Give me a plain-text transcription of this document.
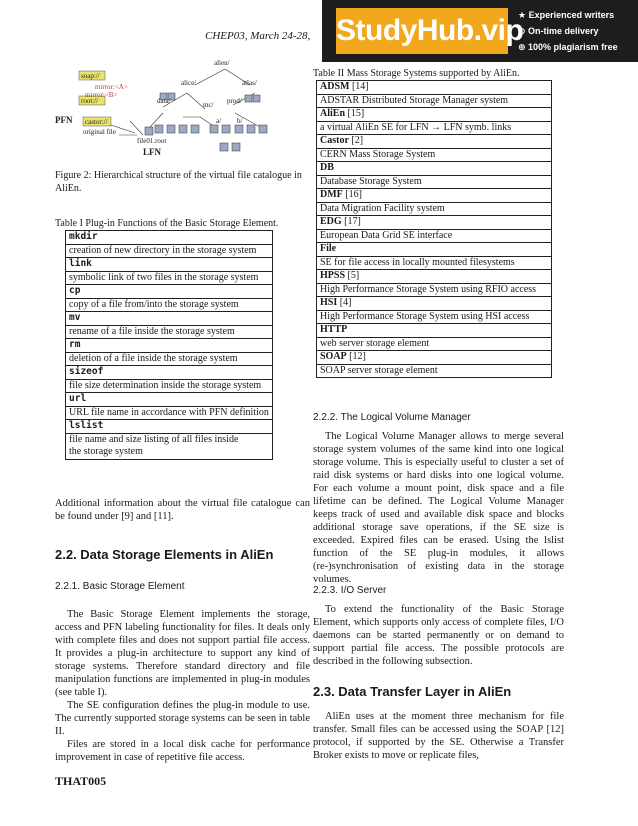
CHEP03, March 24-28, StudyHub.vip
★ Experienced writers
⊙ On-time delivery
⊕ 100% plagiarism free
alien/
alice/	atlas/
data/	mc/ prod/
a/ b/
soap://
root://
castor://
original file
file01.root
mirror:<A>
mirror:<B>
PFN
LFN
Figure 2: Hierarchical structure of the virtual file catalogue in AliEn.
Table I Plug-in Functions of the Basic Storage Element.
mkdir
creation of new directory in the storage system
link
symbolic link of two files in the storage system
cp
copy of a file from/into the storage system
mv
rename of a file inside the storage system
rm
deletion of a file inside the storage system
sizeof
file size determination inside the storage system
url
URL file name in accordance with PFN definition
lslist
file name and size listing of all files inside
the storage system

Additional information about the virtual file catalogue can be found under [9] and [11].

2.2. Data Storage Elements in AliEn
2.2.1. Basic Storage Element

The Basic Storage Element implements the storage, access and PFN labeling functionality for files. It deals only with complete files and does not support partial file access. It provides a plug-in architecture to support any kind of storage systems. Therefore standard directory and file manipulation functions are implemented in plug-in modules (see table I).

The SE configuration defines the plug-in module to use. The currently supported storage systems can be seen in table II.

Files are stored in a local disk cache for performance improvement in case of repetitive file access.

Table II Mass Storage Systems supported by AliEn.
ADSM [14]
ADSTAR Distributed Storage Manager system
AliEn [15]
a virtual AliEn SE for LFN → LFN symb. links
Castor [2]
CERN Mass Storage System
DB
Database Storage System
DMF [16]
Data Migration Facility system
EDG [17]
European Data Grid SE interface
File
SE for file access in locally mounted filesystems
HPSS [5]
High Performance Storage System using RFIO access
HSI [4]
High Performance Storage System using HSI access
HTTP
web server storage element
SOAP [12]
SOAP server storage element
2.2.2. The Logical Volume Manager

The Logical Volume Manager allows to merge several storage system volumes of the same kind into one logical storage volume. This is especially useful to cluster a set of raid disk systems or hard disks into one logical volume. For each volume a mount point, disk space and a file lifetime can be defined. The Logical Volume Manager keeps track of used and available disk space and blocks additional storage save operations, if the SE size is exceeded. Expired files can be erased. Using the lslist function of the SE plug-in modules, it allows (re-)synchronisation of existing data in the storage volumes.

2.2.3. I/O Server

To extend the functionality of the Basic Storage Element, which supports only access of complete files, I/O daemons can be started permanently or on demand to support partial file access. The possible protocols are described in the following subsection.

2.3. Data Transfer Layer in AliEn

AliEn uses at the moment three mechanism for file transfer. Small files can be accessed using the SOAP [12] protocol, if supported by the SE. Otherwise a Transfer Broker exists to move or replicate files,

THAT005
